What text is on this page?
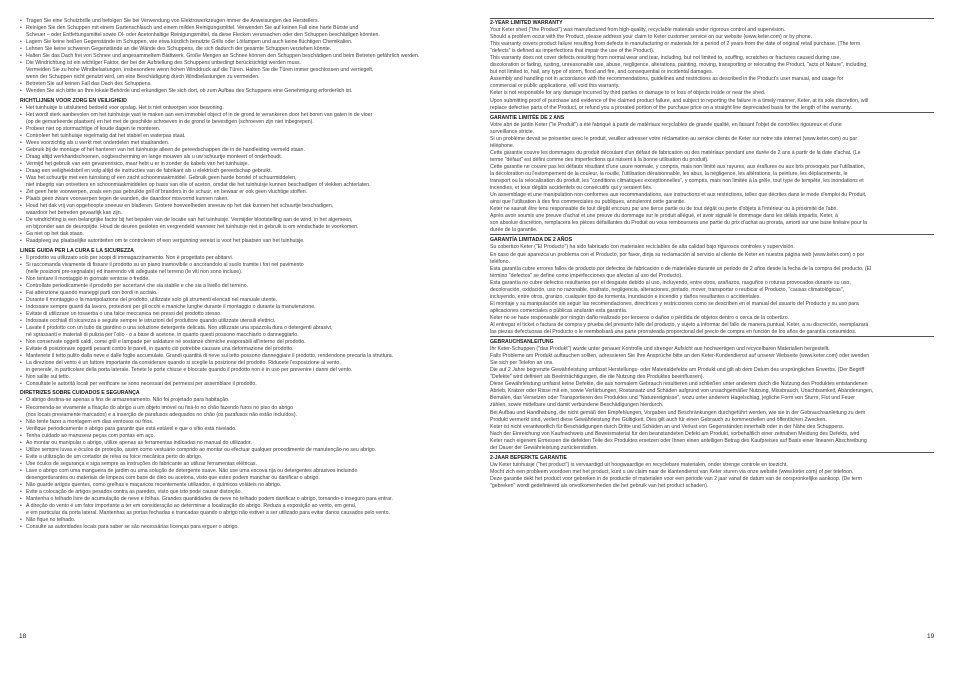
• Tragen Sie eine Schutzbrille und befolgen Sie bei Verwendung von Elektrowerkzeugen immer die Anweisungen des Herstellers.
• Reinigen Sie den Schuppen mit einem Gartenschlauch und einem milden Reinigungsmittel. Verwenden Sie auf keinen Fall eine harte Bürste und
Scheuer – oder Entfettungsmittel sowie Öl- oder Acetonhaltige Reinigungsmittel, da diese Flecken verursachen oder den Schuppen beschädigen könnten.
• Lagern Sie keine heißen Gegenstände im Schuppen, wie etwa kürzlich benutzte Grills oder Lötlampen und auch keine flüchtigen Chemikalien.
• Lehnen Sie keine schweren Gegenstände an die Wände des Schuppens, die sich dadurch der gesamte Schuppen verziehen könnte.
• Halten Sie das Dach frei von Schnee und angesammeltem Blattwerk. Große Mengen an Schnee können den Schuppen beschädigen und beim Betreten gefährlich werden.
• Die Windrichtung ist ein wichtiger Faktor, der bei der Aufstellung des Schuppens unbedingt berücksichtigt werden muss.
Vermeiden Sie zu hohe Windbelastungen, insbesondere wenn hohen Winddruck auf die Türen. Halten Sie die Türen immer geschlossen und verriegelt,
wenn der Schuppen nicht genutzt wird, um eine Beschädigung durch Windbelastungen zu vermeiden.
• Betreten Sie auf keinen Fall das Dach des Schuppens.
• Wenden Sie sich bitte an Ihre lokale Behörde und erkundigen Sie sich dort, ob zum Aufbau des Schuppens eine Genehmigung erforderlich ist.
RICHTLIJNEN VOOR ZORG EN VEILIGHEID
• Het tuinhuisje is uitsluitend bedoeld voor opslag. Het is niet ontworpen voor bewoning.
• Het wordt sterk aanbevolen om het tuinhuisje vast te maken aan een immobiel object of in de grond te verankeren door het boren van gaten in de vloer
(op de gemarkeerde plaatsen) en het met de geschikte schroeven in de grond te bevestigen (schroeven zijn niet inbegrepen).
• Probeer niet op stormachtige of koude dagen te monteren.
• Controleer het tuinhuisje regelmatig dat het stabiel en waterpas staat.
• Wees voorzichtig als u werkt met onderdelen met staalranden.
• Gebruik bij de montage of het hanteren van het tuinhuisje alleen de gereedschappen die in de handleiding vermeld staan.
• Draag altijd werkhandschoenen, oogbescherming en lange mouwen als u uw schuurtje monteert of onderhoudt.
• Vermijd het gebruik van een gevarenrisico, maar hebt u er in zonder de kabels van het tuinhuisje.
• Draag een veiligheidsbril en volg altijd de instructies van de fabrikant als u elektrisch gereedschap gebruikt.
• Was het schuurtje met een tuinslang of een zacht schoonmaakmiddel. Gebruik geen harde borstel of schuurmiddelen,
niet inbegrip van ontvetters en schoonmaakmiddelen op basis van olie of aceton, omdat die het tuinhuisje kunnen beschadigen of vlekken achterlaten.
• Zet geen hete voorwerpen, zoals een pas gebruikte grill of branders in de schuur, en bewaar er ook geen vluchtige stoffen.
• Plaats geen zware voorwerpen tegen de wanden, die daardoor misvormd kunnen raken.
• Houd het dak vrij van opgehoopte sneeuw en bladeren. Grotere hoeveelheden sneeuw op het dak kunnen het schuurtje beschadigen,
waardoor het betreden gevaarlijk kan zijn.
• De windrichting is een belangrijke factor bij het bepalen van de locatie van het tuinhuisje. Vermijder blootstelling aan de wind, in het algemeen,
en bijzonder aan de deuropijde. Houd de deuren gesloten en vergrendeld wanneer het tuinhuisje niet in gebruik is om windschade te voorkomen.
• Ga niet op het dak staan.
• Raadpleeg uw plaatselijke autoriteiten om te controleren of een vergunning vereist is voor het plaatsen van het tuinhuisje.
LINEE GUIDA PER LA CURA E LA SICUREZZA
• Il prodotto va utilizzato solo per scopi di immagazzinamento. Non è progettato per abitarvi.
• Si raccomanda vivamente di fissare il prodotto su un piano inamovibile o ancorandolo al suolo tramite i fori nel pavimento
(nelle posizioni pre-segnalate) ed inserendo viti adeguate nel terreno (le viti non sono incluse).
• Non tentare il montaggio in giornate ventose o fredde.
• Controllate periodicamente il prodotto per accertarvi che sia stabile e che sia a livello del terreno.
• Fai attenzione quando maneggi parti con bordi in acciaio.
• Durante il montaggio o la manipolazione del prodotto, utilizzate solo gli strumenti elencati nel manuale utente.
• Indossare sempre guanti da lavoro, protezioni per gli occhi e maniche lunghe durante il montaggio o durante la manutenzione.
• Evitate di utilizzare un tosaerba o una falce meccanica nei pressi del prodotto stesso.
• Indossate occhiali di sicurezza e seguite sempre le istruzioni del produttore quando utilizzate utensili elettrici.
• Lavate il prodotto con un tubo da giardino o una soluzione detergente delicata. Non utilizzate una spazzola dura o detergenti abrasivi,
né sgrassanti e materiali di pulizia per l'olio - o a base di acetone, in quanto questi possono macchiarlo o danneggiarlo.
• Non conservate oggetti caldi, come grill e lampade per saldature né sostanze chimiche evaporabili all'interno del prodotto.
• Evitate di posizionare oggetti pesanti contro le pareti, in quanto ciò potrebbe causare una deformazione del prodotto.
• Mantenete il tetto pulito dalla neve e dalle foglie accumulate. Grandi quantità di neve sul tetto possono danneggiare il prodotto, rendendone precaria la struttura.
• La direzione del vento è un fattore importante da considerare quando si sceglie la posizione del prodotto. Riducete l'esposizione al vento,
in generale, in particolare della porta laterale. Tenete le porte chiuse e bloccate quando il prodotto non è in uso per prevenire i danni del vento.
• Non salite sul tetto.
• Consultate le autorità locali per verificare se sono necessari dei permessi per assemblare il prodotto.
DIRETRIZES SOBRE CUIDADOS E SEGURANÇA
• O abrigo destina-se apenas a fins de armazenamento. Não foi projetado para habitação.
• Recomenda-se vivamente a fixação do abrigo a um objeto imóvel ou fixá-lo no chão fazendo furos no piso do abrigo
(nos locais previamente marcados) e a inserção de parafusos adequados no chão (os parafusos não estão incluídos).
• Não tente fazer a montagem em dias ventosos ou frios.
• Verifique periodicamente o abrigo para garantir que está estável e que o sítio está nivelado.
• Tenha cuidado ao manusear peças com pontas em aço.
• Ao montar ou manipular o abrigo, utilize apenas as ferramentas indicadas no manual do utilizador.
• Utilize sempre luvas e óculos de proteção, assim como vestuário comprido ao montar ou efectuar qualquer procedimento de manutenção no seu abrigo.
• Evite a utilização de um cortador de relva ou foice mecânica perto do abrigo.
• Use óculos de segurança e siga sempre as instruções do fabricante ao utilizar ferramentas elétricas.
• Lave o abrigo com uma mangueira de jardim ou uma solução de detergente suave. Não use uma escova rija ou detergentes abrasivos incluindo
desengordurantes ou materiais de limpeza com base de óleo ou acetona, visto que estes podem manchar ou danificar o abrigo.
• Não guarde artigos quentes, como grelhas e maçaricos recentemente utilizados, e químicos voláteis no abrigo.
• Evite a colocação de artigos pesados contra as paredes, visto que isto pode causar distorção.
• Mantenha o telhado livre de acumulação de neve e folhas. Grandes quantidades de neve no telhado podem danificar o abrigo, tornando-o inseguro para entrar.
• A direção do vento é um fator importante a ter em consideração ao determinar a localização do abrigo. Reduza a exposição ao vento, em geral,
e em particular da porta lateral. Mantenhas as portas fechadas e trancadas quando o abrigo não estiver a ser utilizado para evitar danos causados pelo vento.
• Não fique no telhado.
• Consulte as autoridades locais para saber se são necessárias licenças para erguer o abrigo.
2-YEAR LIMITED WARRANTY
Your Keter shed ("the Product") was manufactured from high-quality, recyclable materials under rigorous control and supervision.
Should a problem occur with the Product, please address your claim to Keter customer service on our website (www.keter.com) or by phone.
This warranty covers product failure resulting from defects in manufacturing or materials for a period of 2 years from the date of original retail purchase. (The term
"defects" is defined as imperfections that impair the use of the Product).
This warranty does not cover defects resulting from normal wear and tear, including, but not limited to, scuffing, scratches or fractures caused during use,
discoloration or fading, rusting, unreasonable use, abuse, negligence, alterations, painting, moving, transporting or relocating the Product, "acts of Nature", including,
but not limited to, hail, any type of storm, flood and fire, and consequential or incidental damages.
Assembly and handling not in accordance with the recommendations, guidelines and restrictions as described in the Product's user manual, and usage for
commercial or public applications, will void this warranty.
Keter is not responsible for any damage incurred by third parties or damage to or loss of objects inside or near the shed.
Upon submitting proof of purchase and evidence of the claimed product failure, and subject to reporting the failure in a timely manner, Keter, at its sole discretion, will
replace defective parts of the Product, or refund you a prorated portion of the purchase price on a straight line depreciated basis for the length of the warranty.
GARANTIE LIMITÉE DE 2 ANS
Votre abri de jardin Keter ("le Produit") a été fabriqué à partir de matériaux recyclables de grande qualité, en faisant l'objet de contrôles rigoureux et d'une
surveillance stricte.
Si un problème devait se présenter avec le produit, veuillez adresser votre réclamation au service clients de Keter sur notre site internet (www.keter.com) ou par
téléphone.
Cette garantie couvre les dommages du produit découlant d'un défaut de fabrication ou des matériaux pendant une durée de 2 ans à partir de la date d'achat. (Le
terme "défaut" est défini comme des imperfections qui nuisent à la bonne utilisation du produit).
Cette garantie ne couvre pas les défauts résultant d'une usure normale, y compris, mais non limité aux rayures, aux éraflures ou aux bris provoqués par l'utilisation,
la décoloration ou l'estompement de la couleur, la rouille, l'utilisation déraisonnable, les abus, la négligence, les altérations, la peinture, les déplacements, le
transport ou la relocalisation du produit, les "conditions climatiques exceptionnelles", y compris, mais non limitée à la grêle, tout type de tempête, les inondations et
incendies, et tous dégâts accidentels ou consécutifs qui y seraient liés.
Un assemblage et une manipulation non conformes aux recommandations, aux instructions et aux restrictions, telles que décrites dans le mode d'emploi du Produit,
ainsi que l'utilisation à des fins commerciales ou publiques, annuleront cette garantie.
Keter ne saurait être tenu responsable de tout dégât encouru par une tierce partie ou de tout dégât ou perte d'objets à l'intérieur ou à proximité de l'abri.
Après avoir soumis une preuve d'achat et une preuve du dommage sur le produit allégué, et avoir signalé le dommage dans les délais impartis, Keter, à
son absolue discrétion, remplacera les pièces défaillantes du Produit ou vous remboursera une partie du prix d'achat au prorata, amorti sur une base linéaire pour la
durée de la garantie.
GARANTÍA LIMITADA DE 2 AÑOS
Su cobertizo Keter ("El Producto") ha sido fabricado con materiales reciclables de alta calidad bajo rigurosos controles y supervisión.
En caso de que aparezca un problema con el Producto, por favor, dirija su reclamación al servicio al cliente de Keter en nuestra página web (www.keter.com) o por
teléfono.
Esta garantía cubre errores fallos de producto por defectos de fabricación o de materiales durante un periodo de 2 años desde la fecha de la compra del producto. (El
término "defectos" se define como imperfecciones que afectan al uso del Producto).
Esta garantía no cubre defectos resultantes por el desgaste debido al uso, incluyendo, entre otros, arañazos, rasguños o roturas provocados durante su uso,
decoloración, oxidación, uso no razonable, maltrato, negligencia, alteraciones, pintado, mover, transportar o reubicar el Producto, "causas climatológicas",
incluyendo, entre otros, granizo, cualquier tipo de tormenta, inundación e incendio y daños resultantes o accidentales.
El montaje y su manipulación sin seguir las recomendaciones, directrices y restricciones como se describen en el manual del usuario del Producto y su uso para
aplicaciones comerciales o públicas anularán esta garantía.
Keter no se hace responsable por ningún daño realizado por terceros o daños o pérdida de objetos dentro o cerca de la cobertizo.
Al entregar el ticket o factura de compra y prueba del presunto fallo del producto, y sujeto a informar del fallo de manera puntual, Keter, a su discreción, reemplazará
las piezas defectuosas del Producto o le reembolsará una parte prorrateada proporcional del precio de compra en función de los años de garantía consumidos.
GEBRAUCHSANLEITUNG
Ihr Keter-Schuppen ("das Produkt") wurde unter genauer Kontrolle und strenger Aufsicht aus hochwertigen und recycelbaren Materialien hergestellt.
Falls Probleme am Produkt auftauchen sollten, adressieren Sie Ihre Ansprüche bitte an den Keter-Kundendienst auf unserer Webseite (www.keter.com) oder wenden
Sie sich per Telefon an uns.
Die auf 2 Jahre begrenzte Gewährleistung umfasst Herstellungs- oder Materialdefekte am Produkt und gilt ab dem Datum des ursprünglichen Erwerbs. (Der Begriff
"Defekte" wird definiert als Beeinträchtigungen, die die Nutzung des Produktes beeinflussen).
Diese Gewährleistung umfasst keine Defekte, die aus normalem Gebrauch resultieren und schließen unter anderem durch die Nutzung des Produktes entstandenen
Abrieb, Kratzer oder Risse mit ein, sowie Verfärbungen, Rostansatz und Schäden aufgrund von unsachgemäßer Nutzung, Missbrauch, Unachtsamkeit, Abänderungen,
Bemalen, das Versetzen oder Transportieren des Produktes und "Naturereignisse", wozu unter anderem Hagelschlag, jegliche Form von Sturm, Flut und Feuer
zählen, sowie mittelbare und damit verbundene Beschädigungen hierdurch.
Bei Aufbau und Handhabung, die nicht gemäß den Empfehlungen, Vorgaben und Beschränkungen durchgeführt werden, wie sie in der Gebrauchsanleitung zu dem
Produkt vermerkt sind, verliert diese Gewährleistung ihre Gültigkeit. Dies gilt auch für einen Gebrauch zu kommerziellen und öffentlichen Zwecken.
Keter ist nicht verantwortlich für Beschädigungen durch Dritte und Schäden an und Verlust von Gegenständen innerhalb oder in der Nähe des Schuppens.
Nach der Einreichung von Kaufnachweis und Beweismaterial für den beanstandeten Defekt am Produkt, vorbehaltlich einer zeitnahen Meldung des Defekts, wird
Keter nach eigenem Ermessen die defekten Teile des Produktes ersetzen oder Ihnen einen anteiligen Betrag des Kaufpreises auf Basis einer linearen Abschreibung
der Dauer der Gewährleistung zurückerstatten.
2-JAAR BEPERKTE GARANTIE
Uw Keter tuinhuisje ("het product") is vervaardigd uit hoogwaardige en recyclebare materialen, onder strenge controle en toezicht.
Mocht zich een probleem voordoen met het product, kunt u uw claim naar de klantendienst van Keter sturen via onze website (www.keter.com) of per telefoon.
Deze garantie dekt het product voor gebreken in de productie of materialen voor een periode van 2 jaar vanaf de datum van de oorspronkelijke aankoop. (De term
"gebreken" wordt gedefinieerd als onvolkomenheden die het gebruik van het product schaden).
18	19
